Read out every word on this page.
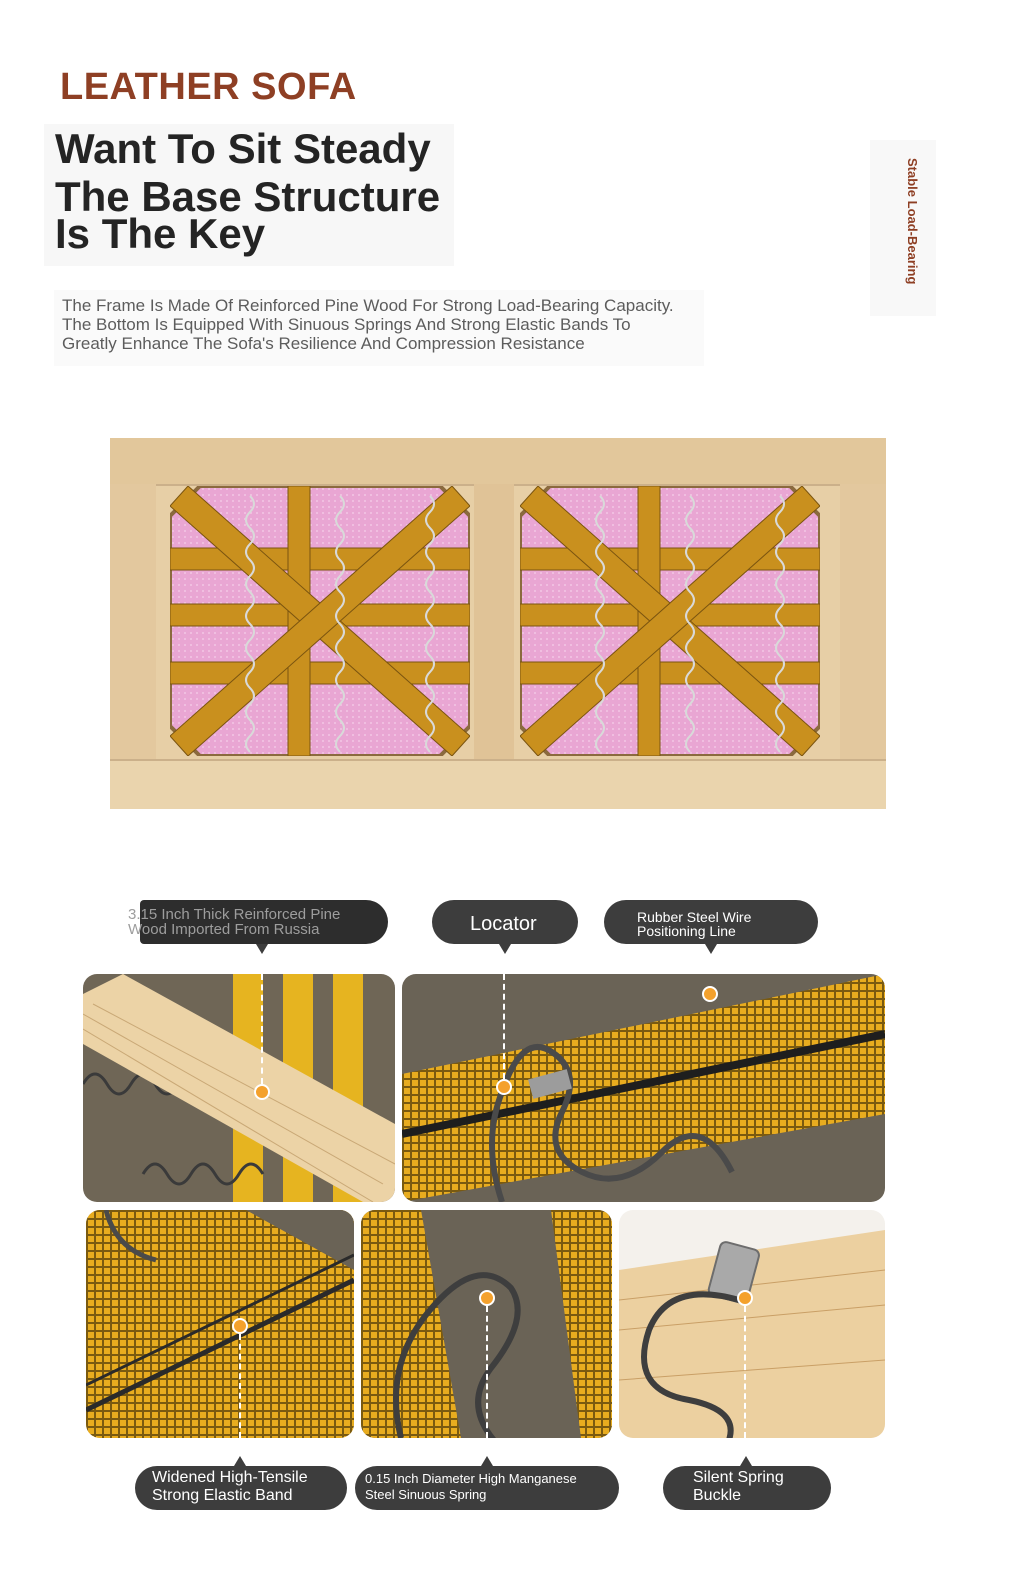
LEATHER SOFA
Want To Sit Steady
The Base Structure
Is The Key
The Frame Is Made Of Reinforced Pine Wood For Strong Load-Bearing Capacity.
The Bottom Is Equipped With Sinuous Springs And Strong Elastic Bands To
Greatly Enhance The Sofa's Resilience And Compression Resistance
Stable Load-Bearing
3.15 Inch Thick Reinforced Pine
Wood Imported From Russia	Locator	Rubber Steel Wire
Positioning Line
Widened High-Tensile
Strong Elastic Band
0.15 Inch Diameter High Manganese
Steel Sinuous Spring
Silent Spring
Buckle
